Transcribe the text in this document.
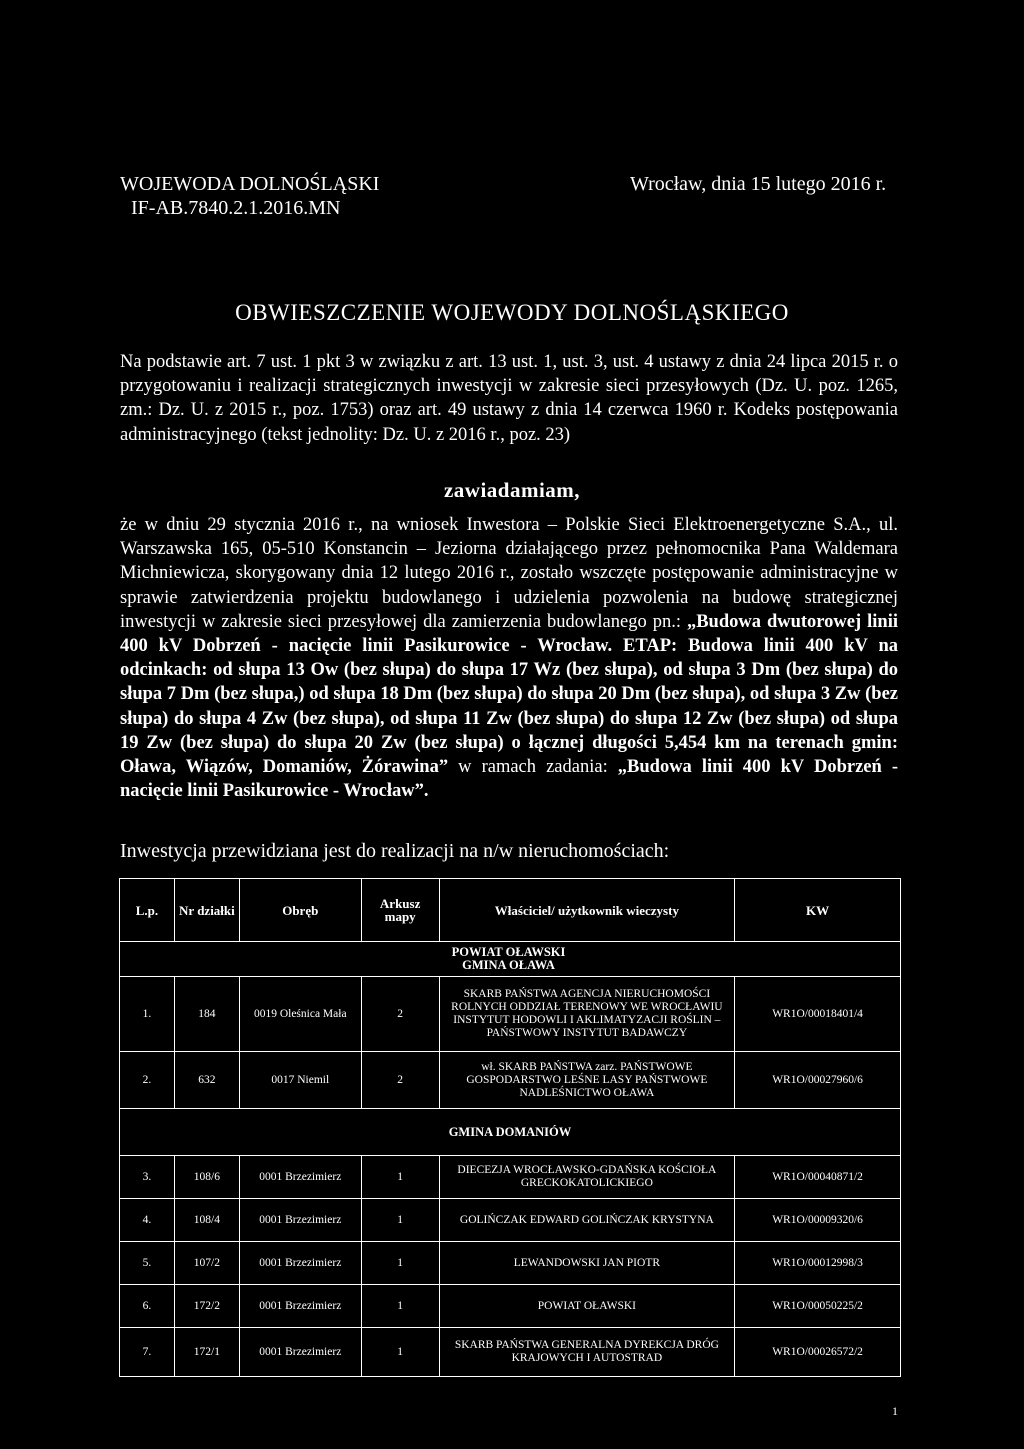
WOJEWODA DOLNOŚLĄSKI
IF-AB.7840.2.1.2016.MN
Wrocław, dnia 15 lutego 2016 r.
OBWIESZCZENIE WOJEWODY DOLNOŚLĄSKIEGO
Na podstawie art. 7 ust. 1 pkt 3 w związku z art. 13 ust. 1, ust. 3, ust. 4 ustawy z dnia 24 lipca 2015 r. o przygotowaniu i realizacji strategicznych inwestycji w zakresie sieci przesyłowych (Dz. U. poz. 1265, zm.: Dz. U. z 2015 r., poz. 1753) oraz art. 49 ustawy z dnia 14 czerwca 1960 r. Kodeks postępowania administracyjnego (tekst jednolity: Dz. U. z 2016 r., poz. 23)
zawiadamiam,
że w dniu 29 stycznia 2016 r., na wniosek Inwestora – Polskie Sieci Elektroenergetyczne S.A., ul. Warszawska 165, 05-510 Konstancin – Jeziorna działającego przez pełnomocnika Pana Waldemara Michniewicza, skorygowany dnia 12 lutego 2016 r., zostało wszczęte postępowanie administracyjne w sprawie zatwierdzenia projektu budowlanego i udzielenia pozwolenia na budowę strategicznej inwestycji w zakresie sieci przesyłowej dla zamierzenia budowlanego pn.: „Budowa dwutorowej linii 400 kV Dobrzeń - nacięcie linii Pasikurowice - Wrocław. ETAP: Budowa linii 400 kV na odcinkach: od słupa 13 Ow (bez słupa) do słupa 17 Wz (bez słupa), od słupa 3 Dm (bez słupa) do słupa 7 Dm (bez słupa,) od słupa 18 Dm (bez słupa) do słupa 20 Dm (bez słupa), od słupa 3 Zw (bez słupa) do słupa 4 Zw (bez słupa), od słupa 11 Zw (bez słupa) do słupa 12 Zw (bez słupa) od słupa 19 Zw (bez słupa) do słupa 20 Zw (bez słupa) o łącznej długości 5,454 km na terenach gmin: Oława, Wiązów, Domaniów, Żórawina” w ramach zadania: „Budowa linii 400 kV Dobrzeń - nacięcie linii Pasikurowice - Wrocław”.
Inwestycja przewidziana jest do realizacji na n/w nieruchomościach:
L.p.	Nr działki	Obręb	Arkusz mapy	Właściciel/ użytkownik wieczysty	KW

POWIAT OŁAWSKI
GMINA OŁAWA					

1.	184	0019 Oleśnica Mała	2	SKARB PAŃSTWA AGENCJA NIERUCHOMOŚCI ROLNYCH ODDZIAŁ TERENOWY WE WROCŁAWIU INSTYTUT HODOWLI I AKLIMATYZACJI ROŚLIN – PAŃSTWOWY INSTYTUT BADAWCZY	WR1O/00018401/4
2.	632	0017 Niemil	2	wł. SKARB PAŃSTWA zarz. PAŃSTWOWE GOSPODARSTWO LEŚNE LASY PAŃSTWOWE NADLEŚNICTWO OŁAWA	WR1O/00027960/6
GMINA DOMANIÓW					
3.	108/6	0001 Brzezimierz	1	DIECEZJA WROCŁAWSKO-GDAŃSKA KOŚCIOŁA GRECKOKATOLICKIEGO	WR1O/00040871/2
4.	108/4	0001 Brzezimierz	1	GOLIŃCZAK EDWARD GOLIŃCZAK KRYSTYNA	WR1O/00009320/6
5.	107/2	0001 Brzezimierz	1	LEWANDOWSKI JAN PIOTR	WR1O/00012998/3
6.	172/2	0001 Brzezimierz	1	POWIAT OŁAWSKI	WR1O/00050225/2
7.	172/1	0001 Brzezimierz	1	SKARB PAŃSTWA GENERALNA DYREKCJA DRÓG KRAJOWYCH I AUTOSTRAD	WR1O/00026572/2
1
